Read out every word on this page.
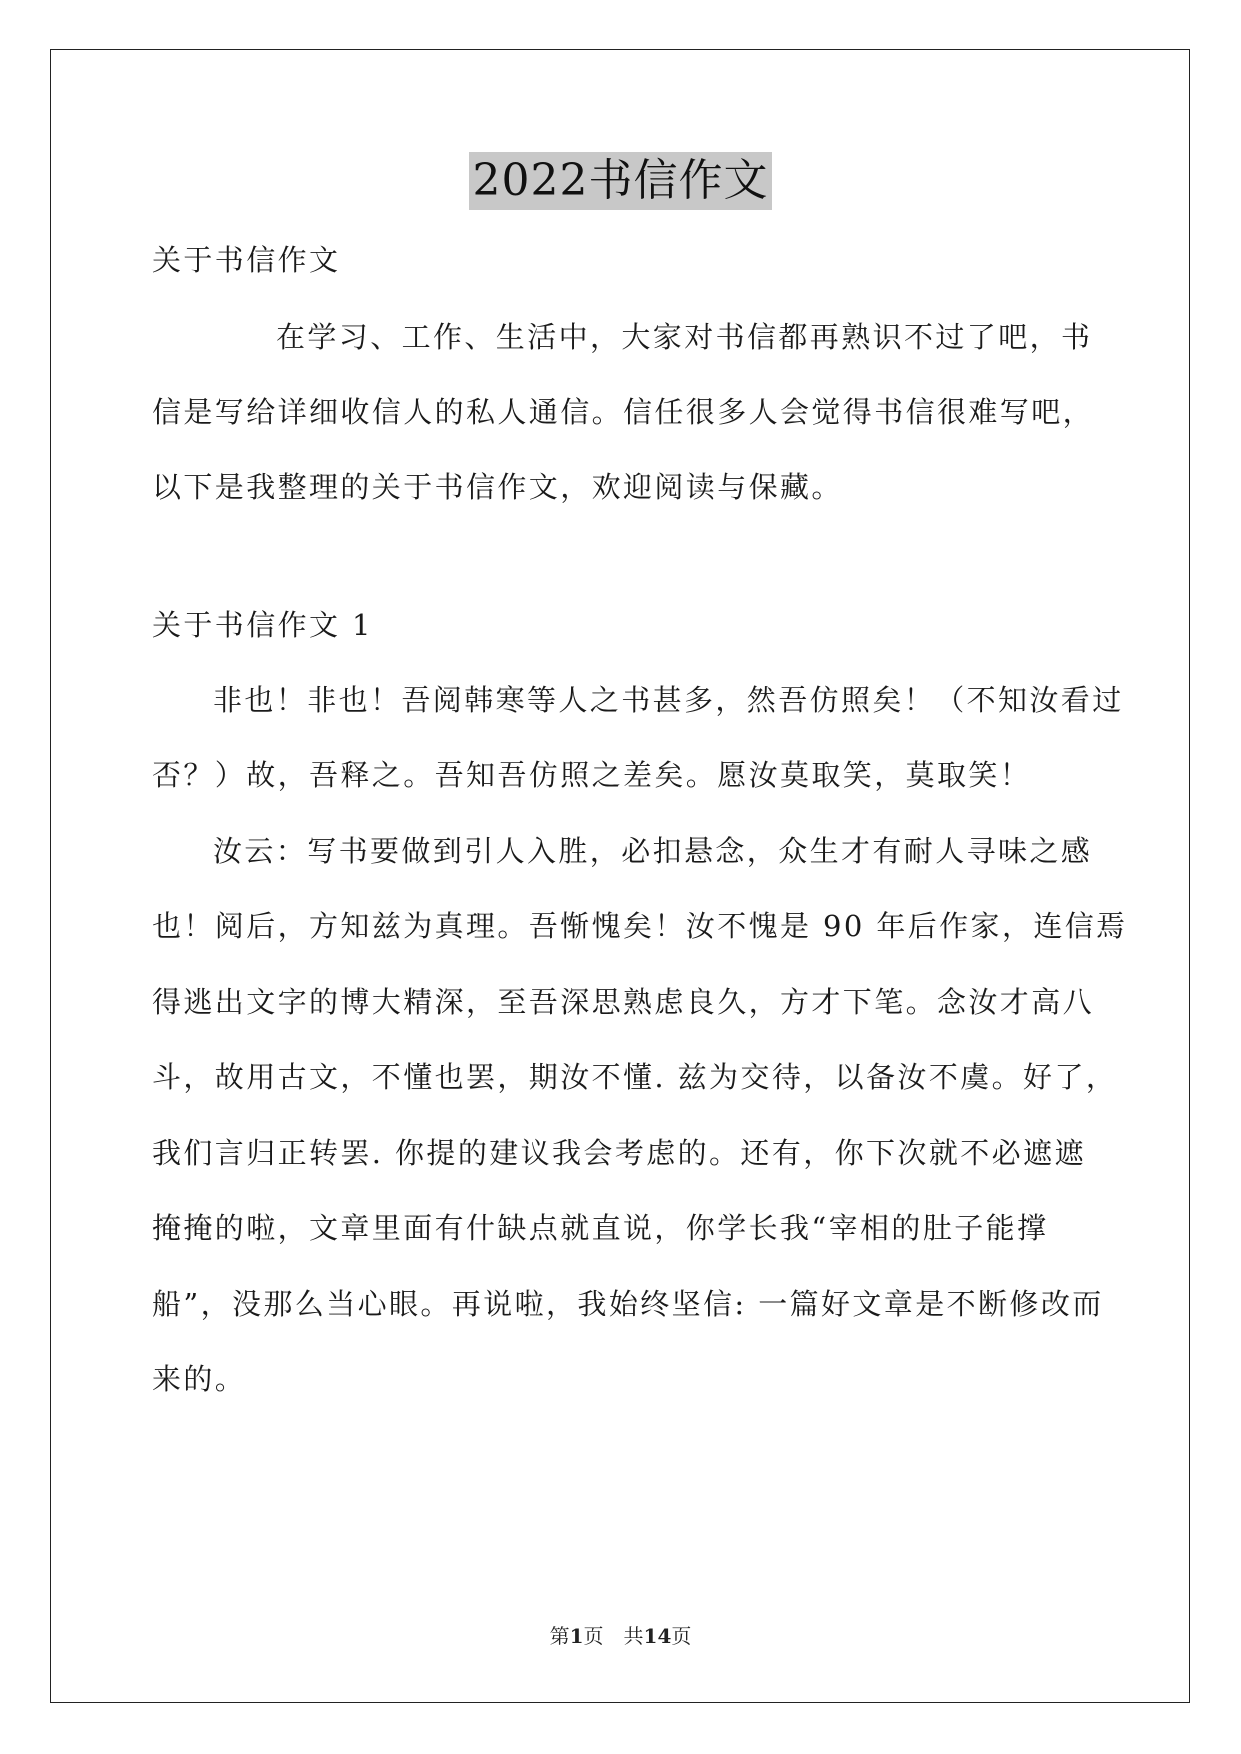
2022书信作文
关于书信作文
在学习、工作、生活中，大家对书信都再熟识不过了吧，书
信是写给详细收信人的私人通信。信任很多人会觉得书信很难写吧，
以下是我整理的关于书信作文，欢迎阅读与保藏。
关于书信作文 1
非也！非也！吾阅韩寒等人之书甚多，然吾仿照矣！（不知汝看过
否？）故，吾释之。吾知吾仿照之差矣。愿汝莫取笑，莫取笑！
汝云：写书要做到引人入胜，必扣悬念，众生才有耐人寻味之感
也！阅后，方知兹为真理。吾惭愧矣！汝不愧是 90 年后作家，连信焉
得逃出文字的博大精深，至吾深思熟虑良久，方才下笔。念汝才高八
斗，故用古文，不懂也罢，期汝不懂. 兹为交待，以备汝不虞。好了，
我们言归正转罢. 你提的建议我会考虑的。还有，你下次就不必遮遮
掩掩的啦，文章里面有什缺点就直说，你学长我“宰相的肚子能撑
船”，没那么当心眼。再说啦，我始终坚信: 一篇好文章是不断修改而
来的。
第1页　共14页
